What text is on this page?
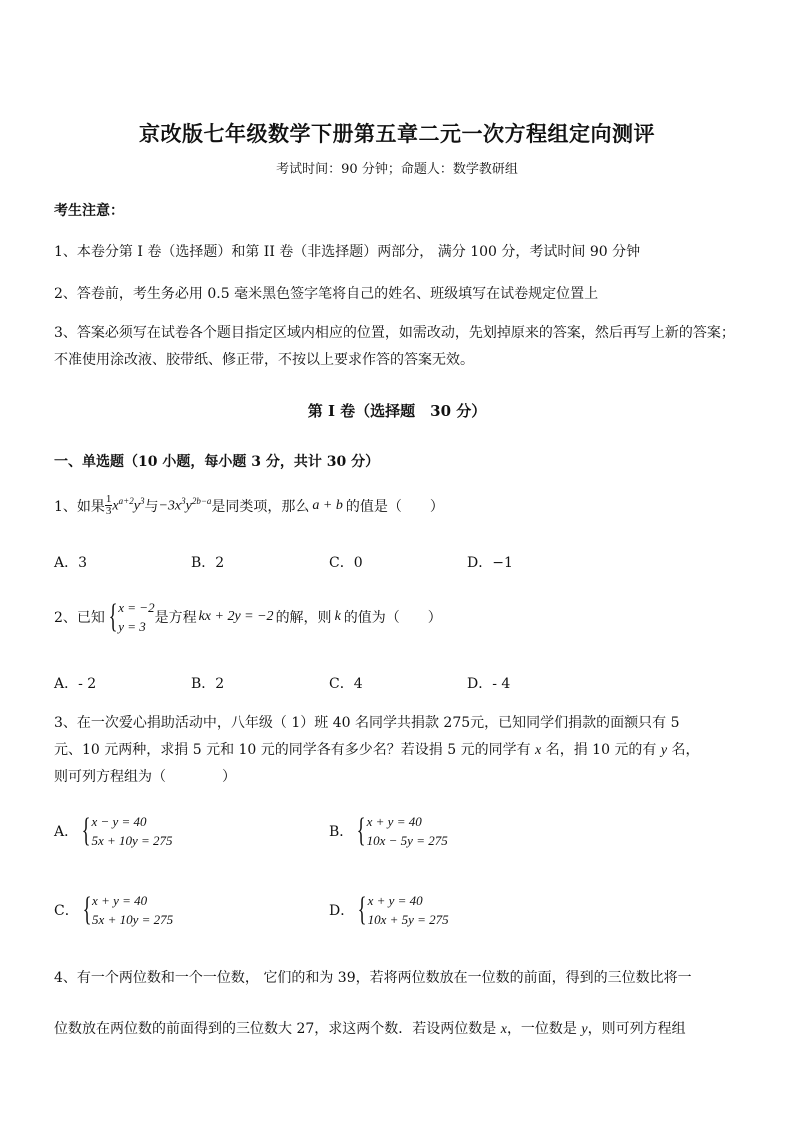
京改版七年级数学下册第五章二元一次方程组定向测评
考试时间：90 分钟；命题人：数学教研组
考生注意：
1、本卷分第 I 卷（选择题）和第 II 卷（非选择题）两部分， 满分 100 分，考试时间 90 分钟
2、答卷前，考生务必用 0.5 毫米黑色签字笔将自己的姓名、班级填写在试卷规定位置上
3、答案必须写在试卷各个题目指定区域内相应的位置，如需改动，先划掉原来的答案，然后再写上新的答案；不准使用涂改液、胶带纸、修正带，不按以上要求作答的答案无效。
第 I 卷（选择题　30 分）
一、单选题（10 小题，每小题 3 分，共计 30 分）
1、如果 $\frac{1}{3} x^{a+2}y^3$ 与 $-3x^3y^{2b-a}$ 是同类项，那么 a + b 的值是（　　）
A．3	B．2	C．0	D．−1
2、已知 { x = −2
y = 3
是方程 kx + 2y = −2 的解，则 k 的值为（　　）
A．- 2	B．2	C．4	D．- 4
3、在一次爱心捐助活动中，八年级（ 1）班 40 名同学共捐款 275元，已知同学们捐款的面额只有 5
元、10 元两种，求捐 5 元和 10 元的同学各有多少名？若设捐 5 元的同学有 x 名，捐 10 元的有 y 名，
则可列方程组为（　　　　）
A． { x − y = 40
5x + 10y = 275
B． { x + y = 40
10x − 5y = 275
C． { x + y = 40
5x + 10y = 275
D． { x + y = 40
10x + 5y = 275
4、有一个两位数和一个一位数， 它们的和为 39，若将两位数放在一位数的前面，得到的三位数比将一
位数放在两位数的前面得到的三位数大 27，求这两个数．若设两位数是 x，一位数是 y，则可列方程组
